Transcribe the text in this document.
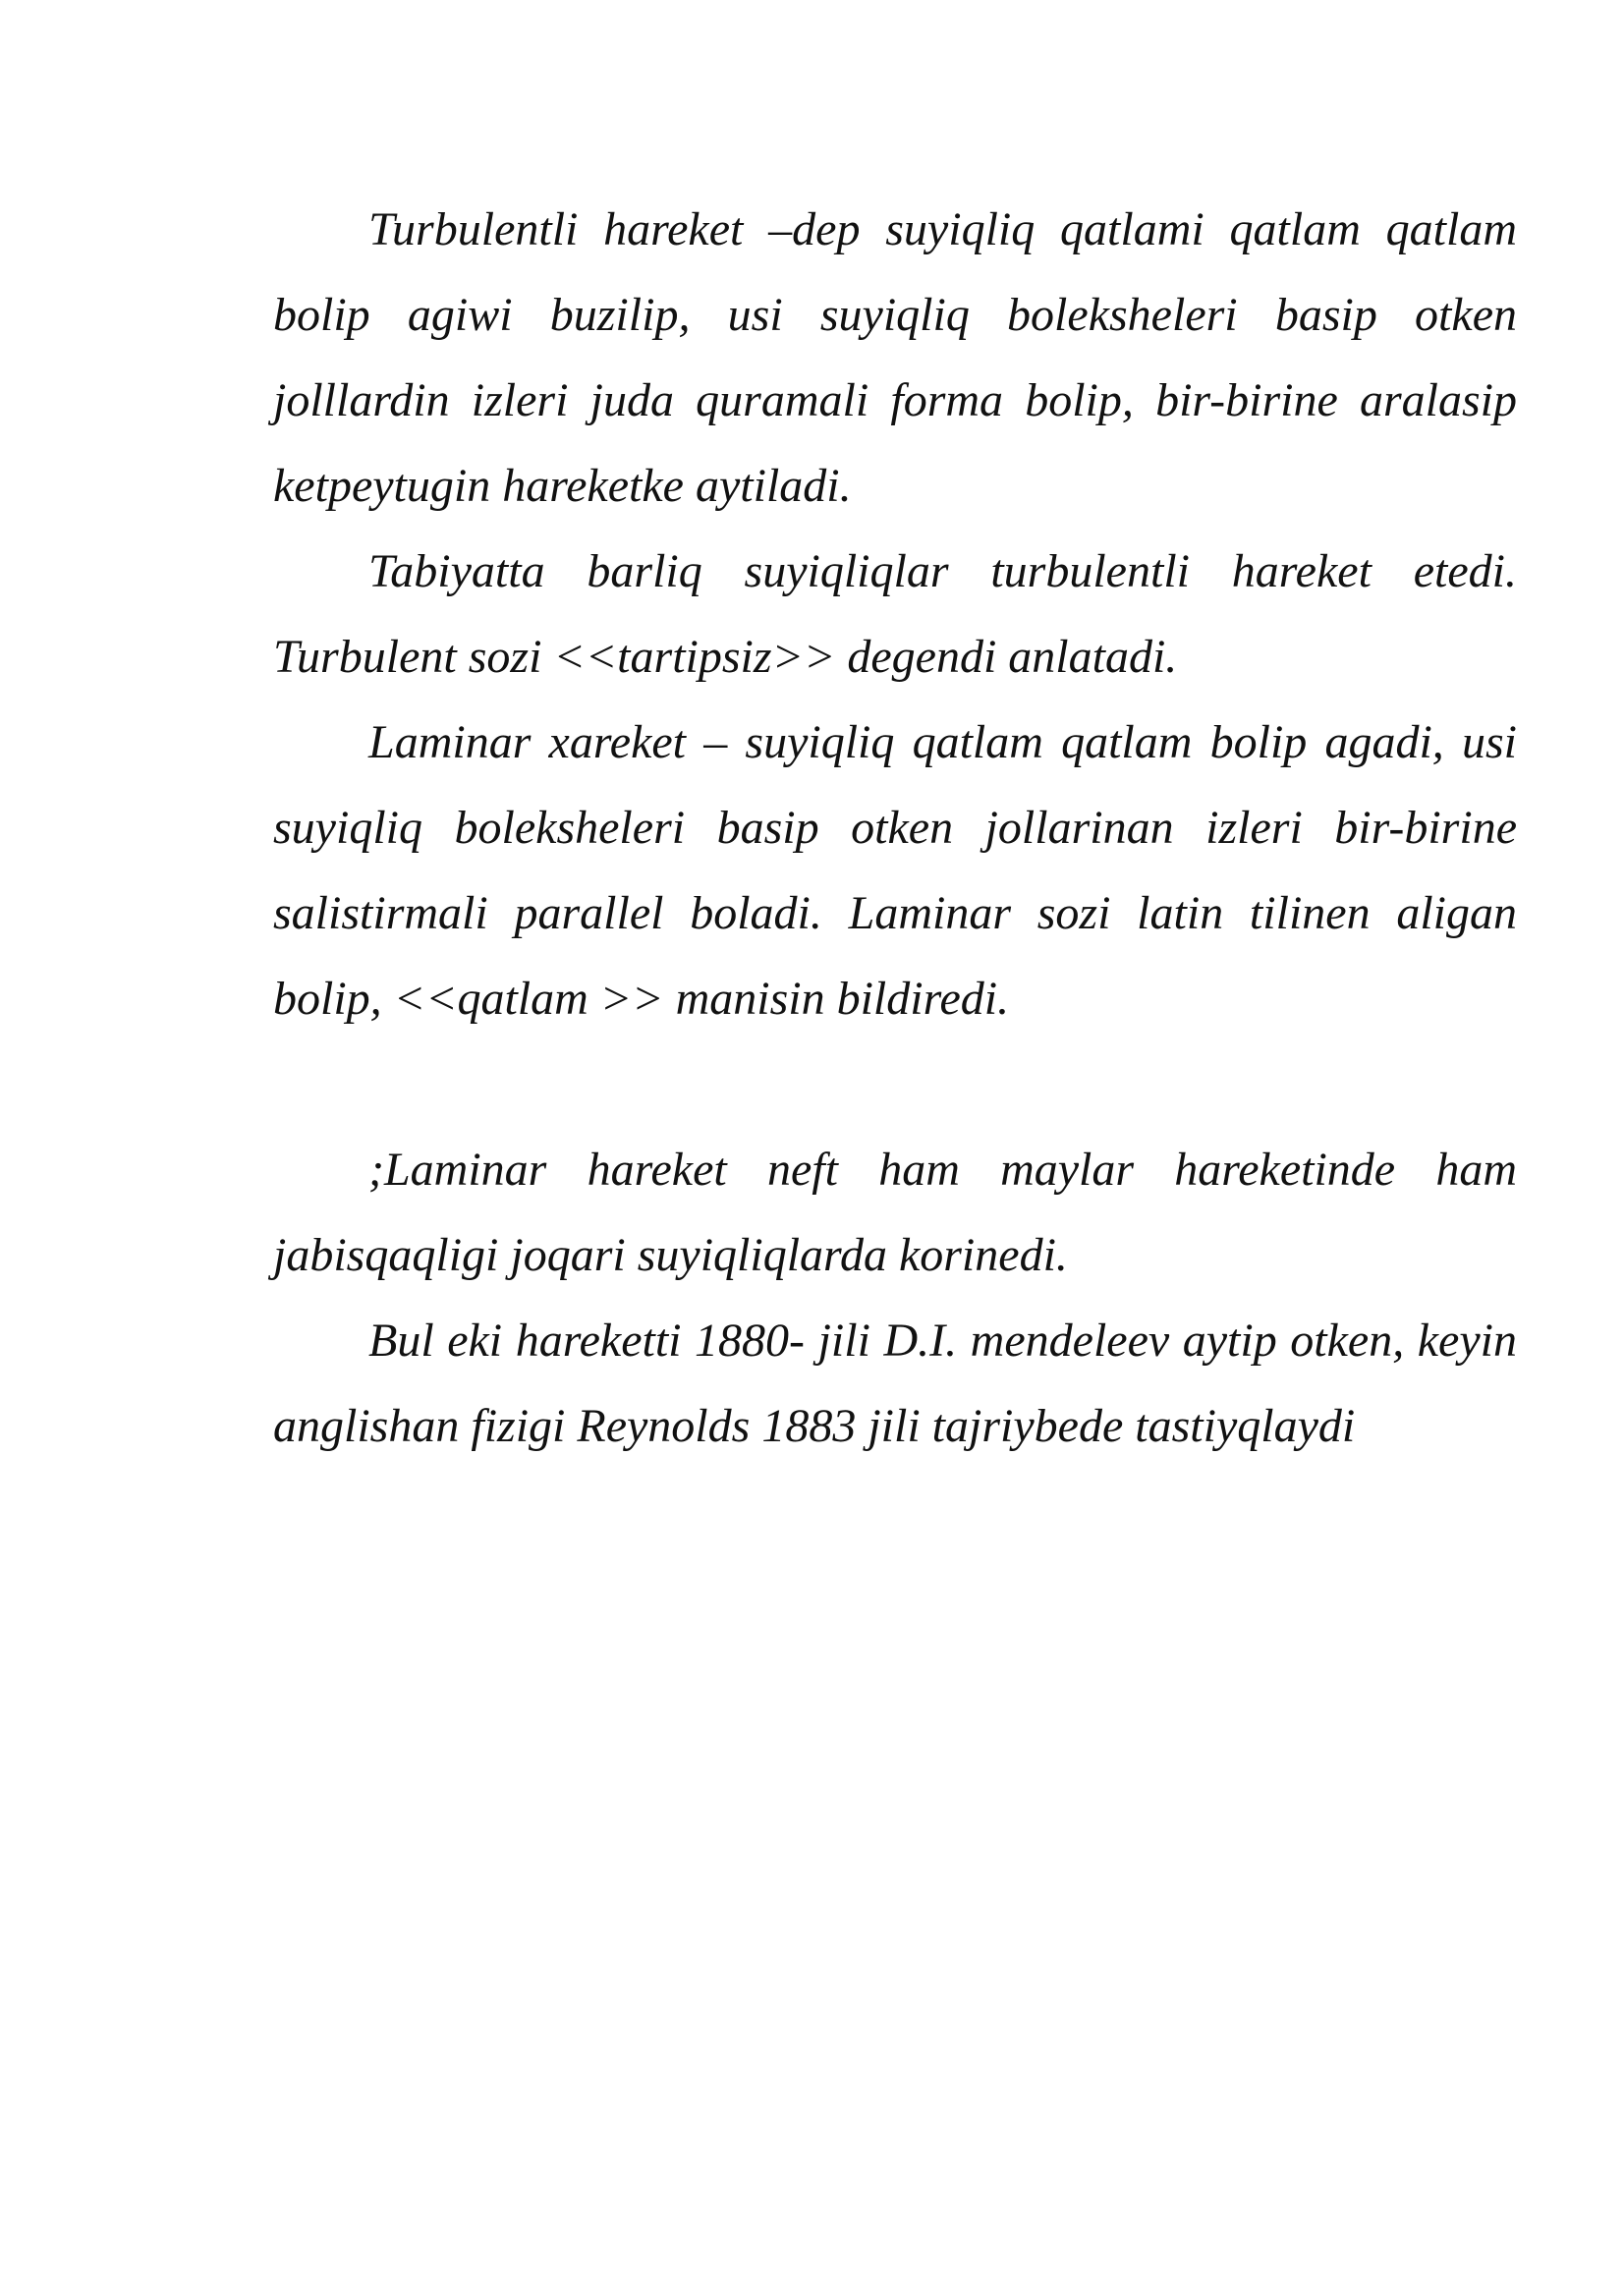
Turbulentli hareket –dep suyiqliq qatlami qatlam qatlam bolip agiwi buzilip, usi suyiqliq boleksheleri basip otken jolllardin izleri juda quramali forma bolip, bir-birine aralasip ketpeytugin hareketke aytiladi.

Tabiyatta barliq suyiqliqlar turbulentli hareket etedi. Turbulent sozi <<tartipsiz>> degendi anlatadi.

Laminar xareket – suyiqliq qatlam qatlam bolip agadi, usi suyiqliq boleksheleri basip otken jollarinan izleri bir-birine salistirmali parallel boladi. Laminar sozi latin tilinen aligan bolip, <<qatlam >> manisin bildiredi.

;Laminar hareket neft ham maylar hareketinde ham jabisqaqligi joqari suyiqliqlarda korinedi.

Bul eki hareketti 1880- jili D.I. mendeleev aytip otken, keyin anglishan fizigi Reynolds 1883 jili tajriybede tastiyqlaydi
